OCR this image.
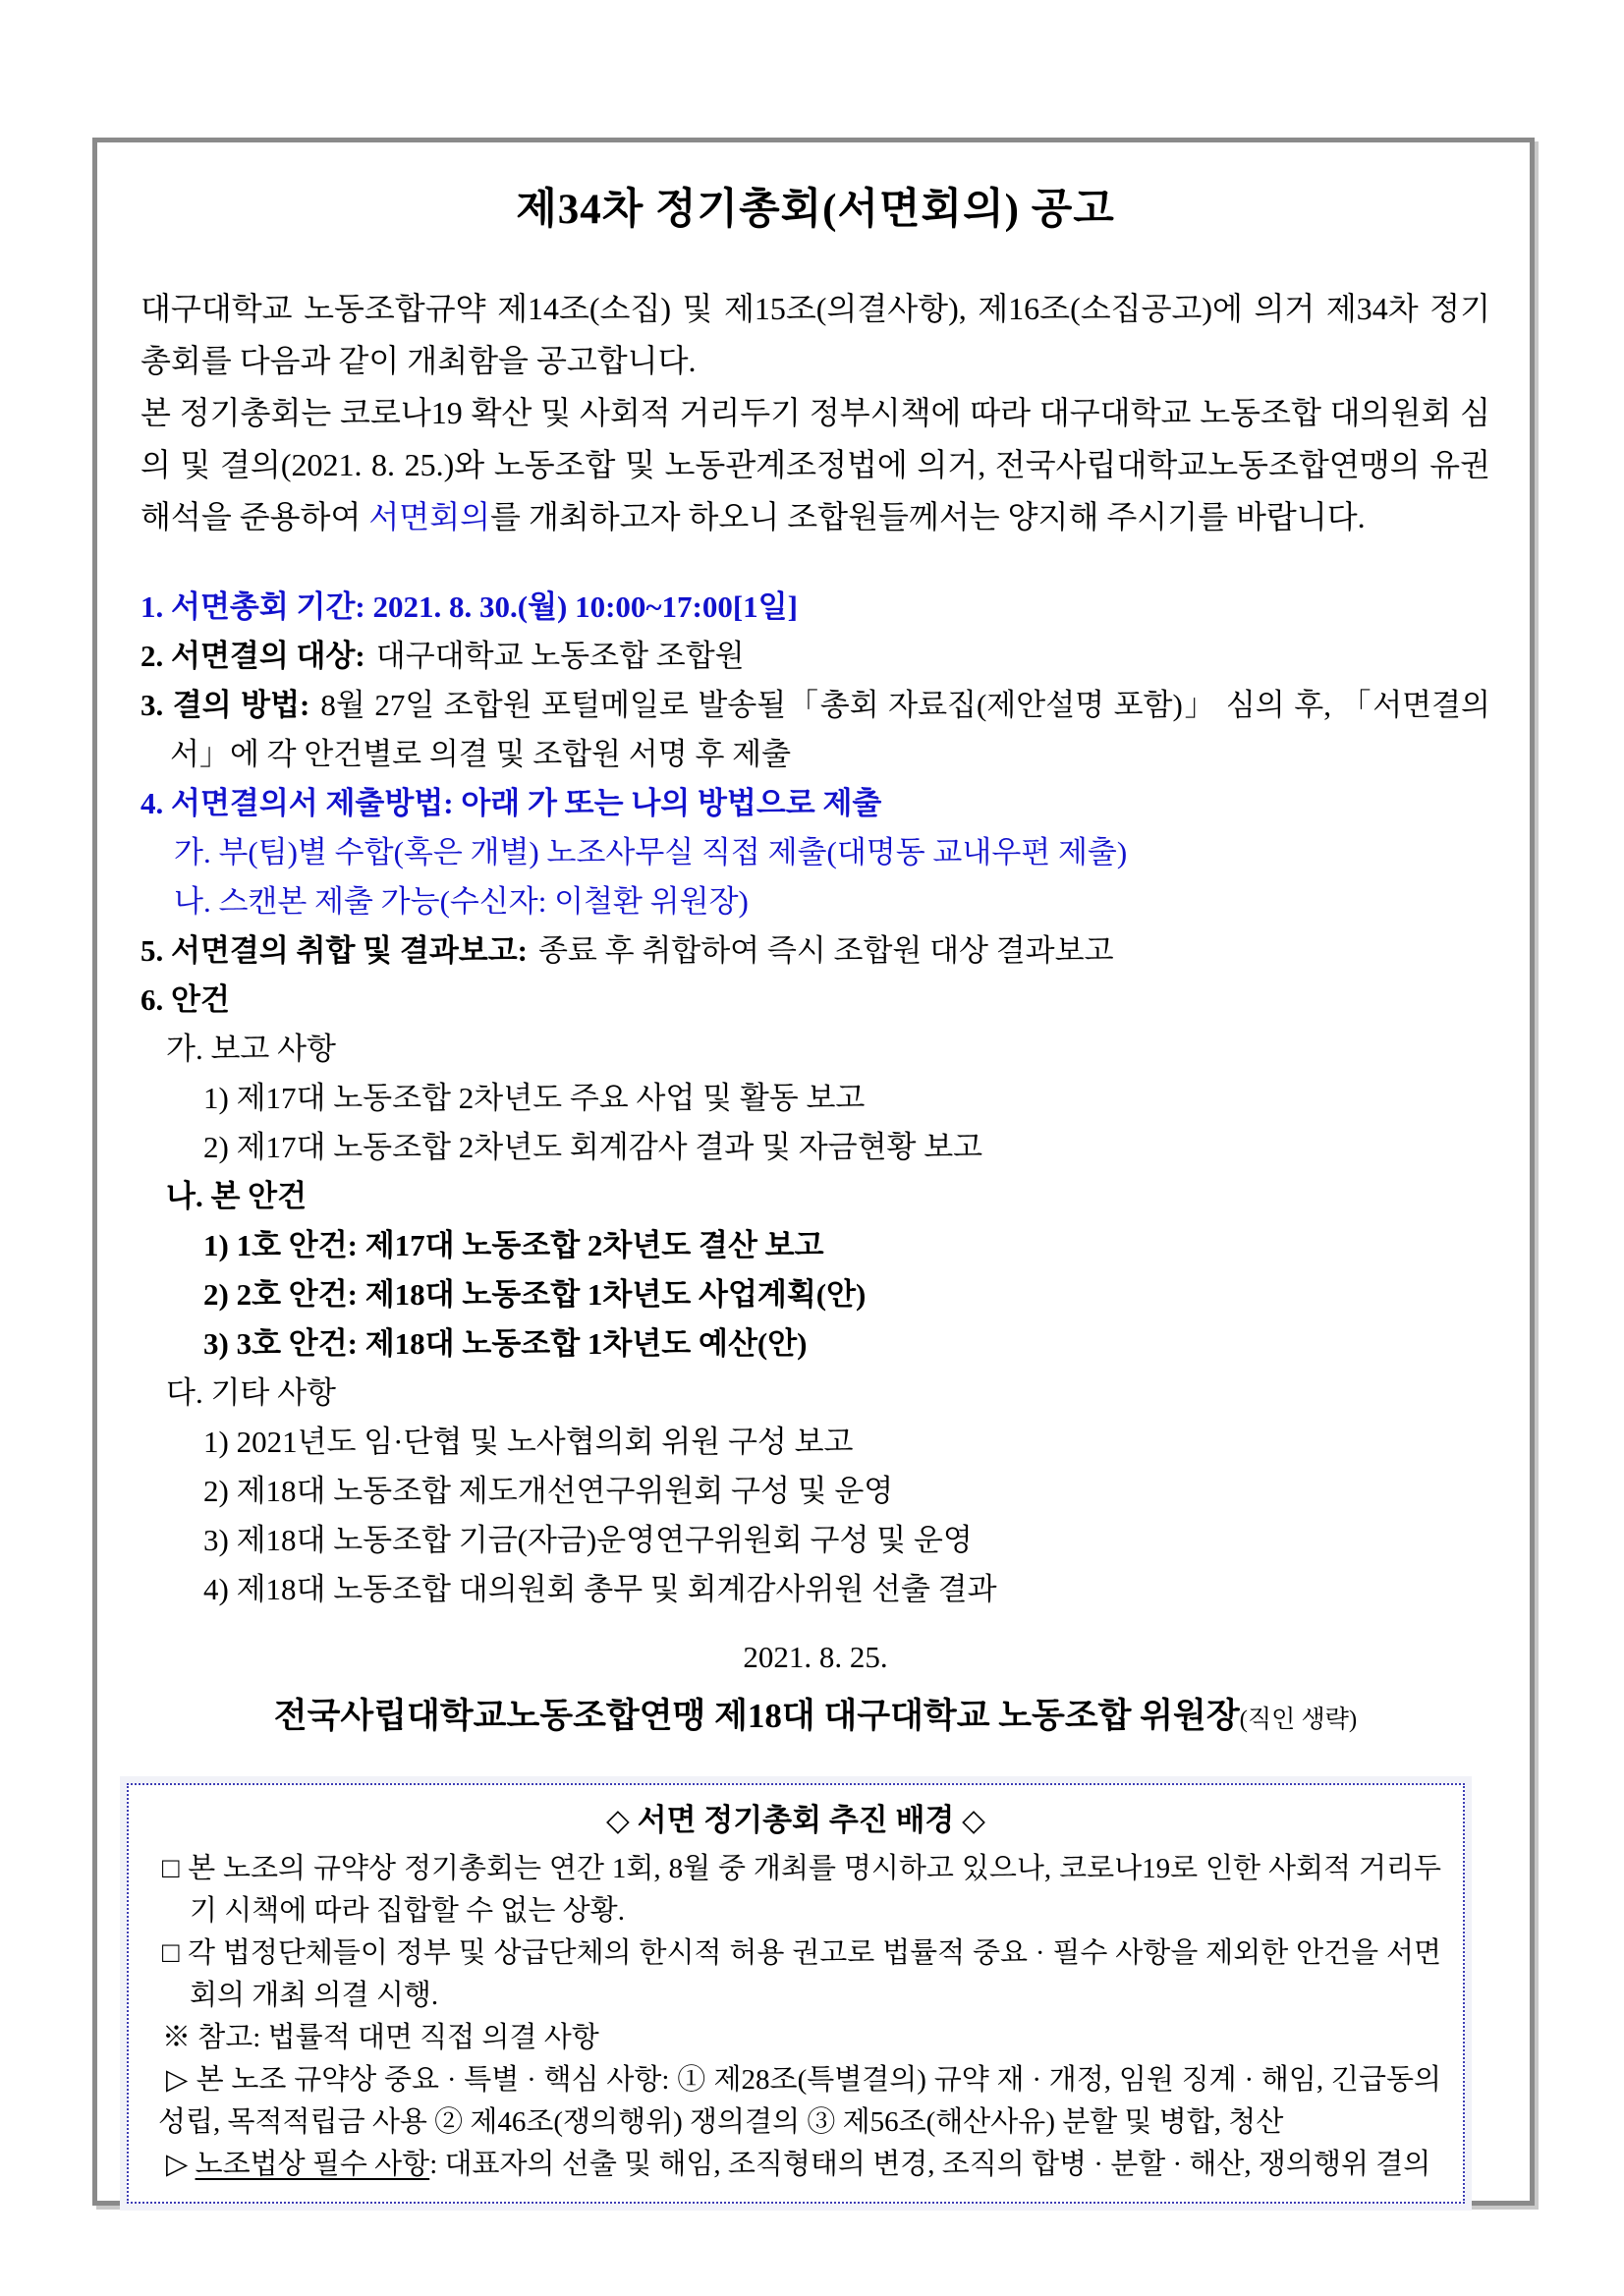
제34차 정기총회(서면회의) 공고

대구대학교 노동조합규약 제14조(소집) 및 제15조(의결사항), 제16조(소집공고)에 의거 제34차 정기총회를 다음과 같이 개최함을 공고합니다.

본 정기총회는 코로나19 확산 및 사회적 거리두기 정부시책에 따라 대구대학교 노동조합 대의원회 심의 및 결의(2021. 8. 25.)와 노동조합 및 노동관계조정법에 의거, 전국사립대학교노동조합연맹의 유권해석을 준용하여 서면회의를 개최하고자 하오니 조합원들께서는 양지해 주시기를 바랍니다.

1. 서면총회 기간: 2021. 8. 30.(월) 10:00~17:00[1일]
2. 서면결의 대상: 대구대학교 노동조합 조합원
3. 결의 방법: 8월 27일 조합원 포털메일로 발송될「총회 자료집(제안설명 포함)」 심의 후, 「서면결의서」에 각 안건별로 의결 및 조합원 서명 후 제출
4. 서면결의서 제출방법: 아래 가 또는 나의 방법으로 제출
가. 부(팀)별 수합(혹은 개별) 노조사무실 직접 제출(대명동 교내우편 제출)
나. 스캔본 제출 가능(수신자: 이철환 위원장)
5. 서면결의 취합 및 결과보고: 종료 후 취합하여 즉시 조합원 대상 결과보고
6. 안건
가. 보고 사항
1) 제17대 노동조합 2차년도 주요 사업 및 활동 보고
2) 제17대 노동조합 2차년도 회계감사 결과 및 자금현황 보고
나. 본 안건
1) 1호 안건: 제17대 노동조합 2차년도 결산 보고
2) 2호 안건: 제18대 노동조합 1차년도 사업계획(안)
3) 3호 안건: 제18대 노동조합 1차년도 예산(안)
다. 기타 사항
1) 2021년도 임·단협 및 노사협의회 위원 구성 보고
2) 제18대 노동조합 제도개선연구위원회 구성 및 운영
3) 제18대 노동조합 기금(자금)운영연구위원회 구성 및 운영
4) 제18대 노동조합 대의원회 총무 및 회계감사위원 선출 결과
2021. 8. 25.
전국사립대학교노동조합연맹 제18대 대구대학교 노동조합 위원장(직인 생략)
◇ 서면 정기총회 추진 배경 ◇
□ 본 노조의 규약상 정기총회는 연간 1회, 8월 중 개최를 명시하고 있으나, 코로나19로 인한 사회적 거리두기 시책에 따라 집합할 수 없는 상황.
□ 각 법정단체들이 정부 및 상급단체의 한시적 허용 권고로 법률적 중요 · 필수 사항을 제외한 안건을 서면회의 개최 의결 시행.
※ 참고: 법률적 대면 직접 의결 사항
▷ 본 노조 규약상 중요 · 특별 · 핵심 사항: ① 제28조(특별결의) 규약 재 · 개정, 임원 징계 · 해임, 긴급동의 성립, 목적적립금 사용 ② 제46조(쟁의행위) 쟁의결의 ③ 제56조(해산사유) 분할 및 병합, 청산
▷ 노조법상 필수 사항: 대표자의 선출 및 해임, 조직형태의 변경, 조직의 합병 · 분할 · 해산, 쟁의행위 결의
